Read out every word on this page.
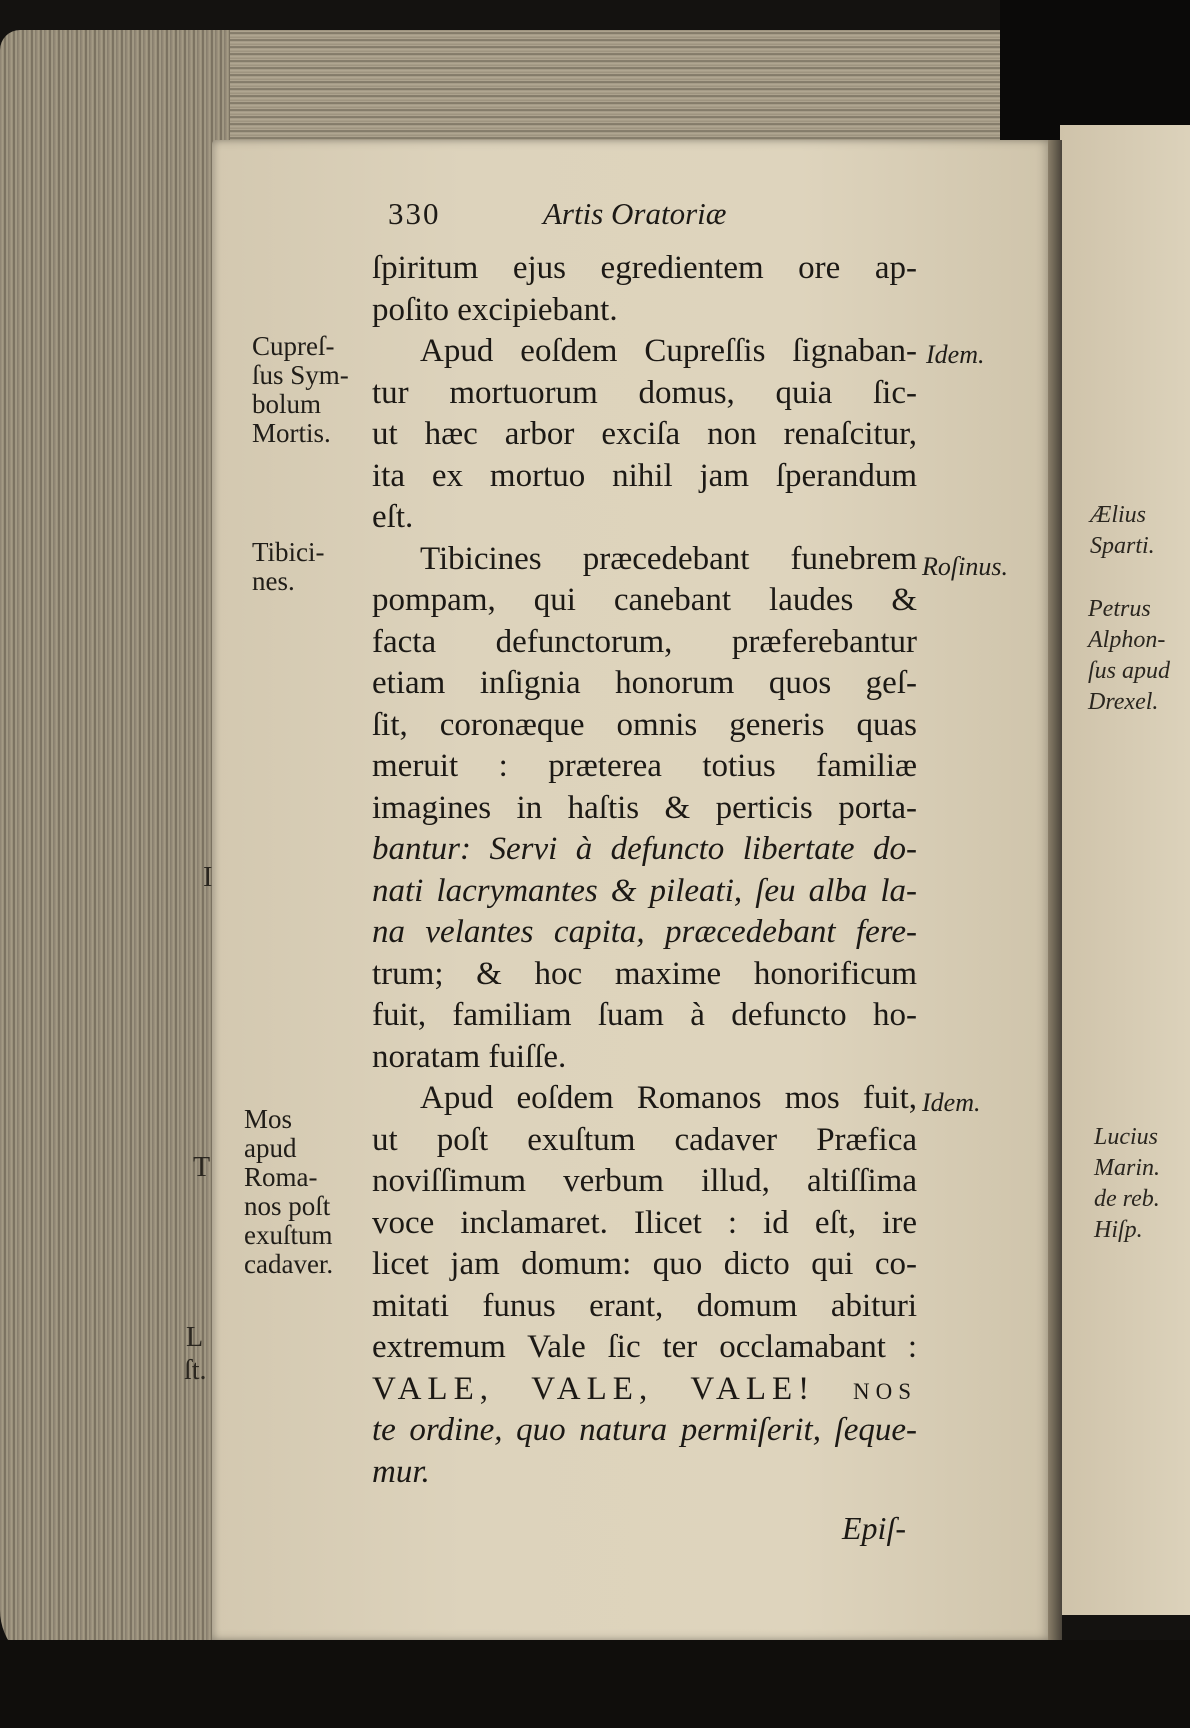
I
T
L
ſt.
330	Artis Oratoriæ

ſpiritum ejus egredientem ore ap-
poſito excipiebant.

Apud eoſdem Cupreſſis ſignaban-
tur mortuorum domus, quia ſic-
ut hæc arbor exciſa non renaſcitur,
ita ex mortuo nihil jam ſperandum
eſt.

Tibicines præcedebant funebrem
pompam, qui canebant laudes &
facta defunctorum, præferebantur
etiam inſignia honorum quos geſ-
ſit, coronæque omnis generis quas
meruit : præterea totius familiæ
imagines in haſtis & perticis porta-
bantur: Servi à defuncto libertate do-
nati lacrymantes & pileati, ſeu alba la-
na velantes capita, præcedebant fere-
trum; & hoc maxime honorificum
fuit, familiam ſuam à defuncto ho-
noratam fuiſſe.

Apud eoſdem Romanos mos fuit,
ut poſt exuſtum cadaver Præfica
noviſſimum verbum illud, altiſſima
voce inclamaret. Ilicet : id eſt, ire
licet jam domum: quo dicto qui co-
mitati funus erant, domum abituri
extremum Vale ſic ter occlamabant :
VALE, VALE, VALE! nos
te ordine, quo natura permiſerit, ſeque-
mur.

Cupreſ-
ſus Sym-
bolum
Mortis.
Tibici-
nes.
Mos
apud
Roma-
nos poſt
exuſtum
cadaver.
Idem.
Roſinus.
Idem.
Ælius
Sparti.
Petrus
Alphon-
ſus apud
Drexel.
Lucius
Marin.
de reb.
Hiſp.
Epiſ-
